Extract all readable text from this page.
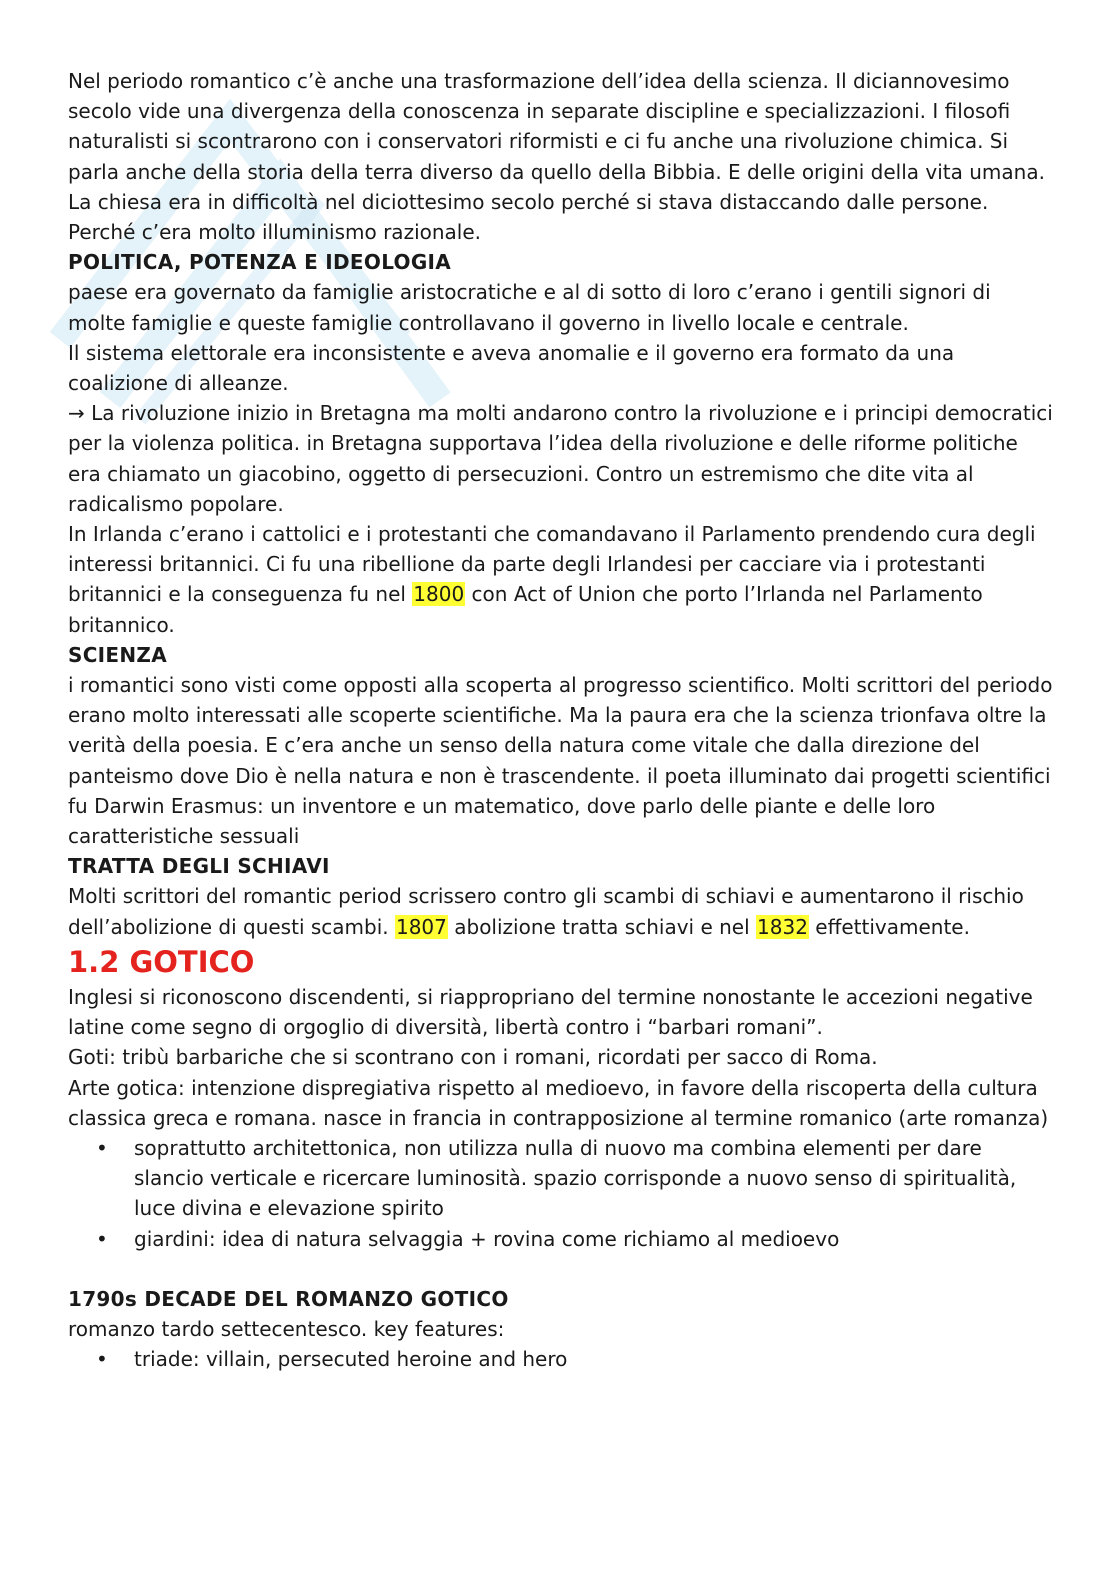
Nel periodo romantico c’è anche una trasformazione dell’idea della scienza. Il diciannovesimo secolo vide una divergenza della conoscenza in separate discipline e specializzazioni. I filosofi naturalisti si scontrarono con i conservatori riformisti e ci fu anche una rivoluzione chimica. Si parla anche della storia della terra diverso da quello della Bibbia. E delle origini della vita umana. La chiesa era in difficoltà nel diciottesimo secolo perché si stava distaccando dalle persone. Perché c’era molto illuminismo razionale.

POLITICA, POTENZA E IDEOLOGIA

paese era governato da famiglie aristocratiche e al di sotto di loro c’erano i gentili signori di molte famiglie e queste famiglie controllavano il governo in livello locale e centrale.

Il sistema elettorale era inconsistente e aveva anomalie e il governo era formato da una coalizione di alleanze.

→ La rivoluzione inizio in Bretagna ma molti andarono contro la rivoluzione e i principi democratici per la violenza politica. in Bretagna supportava l’idea della rivoluzione e delle riforme politiche era chiamato un giacobino, oggetto di persecuzioni. Contro un estremismo che dite vita al radicalismo popolare.

In Irlanda c’erano i cattolici e i protestanti che comandavano il Parlamento prendendo cura degli interessi britannici. Ci fu una ribellione da parte degli Irlandesi per cacciare via i protestanti britannici e la conseguenza fu nel 1800 con Act of Union che porto l’Irlanda nel Parlamento britannico.

SCIENZA

i romantici sono visti come opposti alla scoperta al progresso scientifico. Molti scrittori del periodo erano molto interessati alle scoperte scientifiche. Ma la paura era che la scienza trionfava oltre la verità della poesia. E c’era anche un senso della natura come vitale che dalla direzione del panteismo dove Dio è nella natura e non è trascendente. il poeta illuminato dai progetti scientifici fu Darwin Erasmus: un inventore e un matematico, dove parlo delle piante e delle loro caratteristiche sessuali

TRATTA DEGLI SCHIAVI

Molti scrittori del romantic period scrissero contro gli scambi di schiavi e aumentarono il rischio dell’abolizione di questi scambi. 1807 abolizione tratta schiavi e nel 1832 effettivamente.

1.2 GOTICO

Inglesi si riconoscono discendenti, si riappropriano del termine nonostante le accezioni negative latine come segno di orgoglio di diversità, libertà contro i “barbari romani”.

Goti: tribù barbariche che si scontrano con i romani, ricordati per sacco di Roma.

Arte gotica: intenzione dispregiativa rispetto al medioevo, in favore della riscoperta della cultura classica greca e romana. nasce in francia in contrapposizione al termine romanico (arte romanza)

• soprattutto architettonica, non utilizza nulla di nuovo ma combina elementi per dare slancio verticale e ricercare luminosità. spazio corrisponde a nuovo senso di spiritualità, luce divina e elevazione spirito
• giardini: idea di natura selvaggia + rovina come richiamo al medioevo
1790s DECADE DEL ROMANZO GOTICO

romanzo tardo settecentesco. key features:

• triade: villain, persecuted heroine and hero
